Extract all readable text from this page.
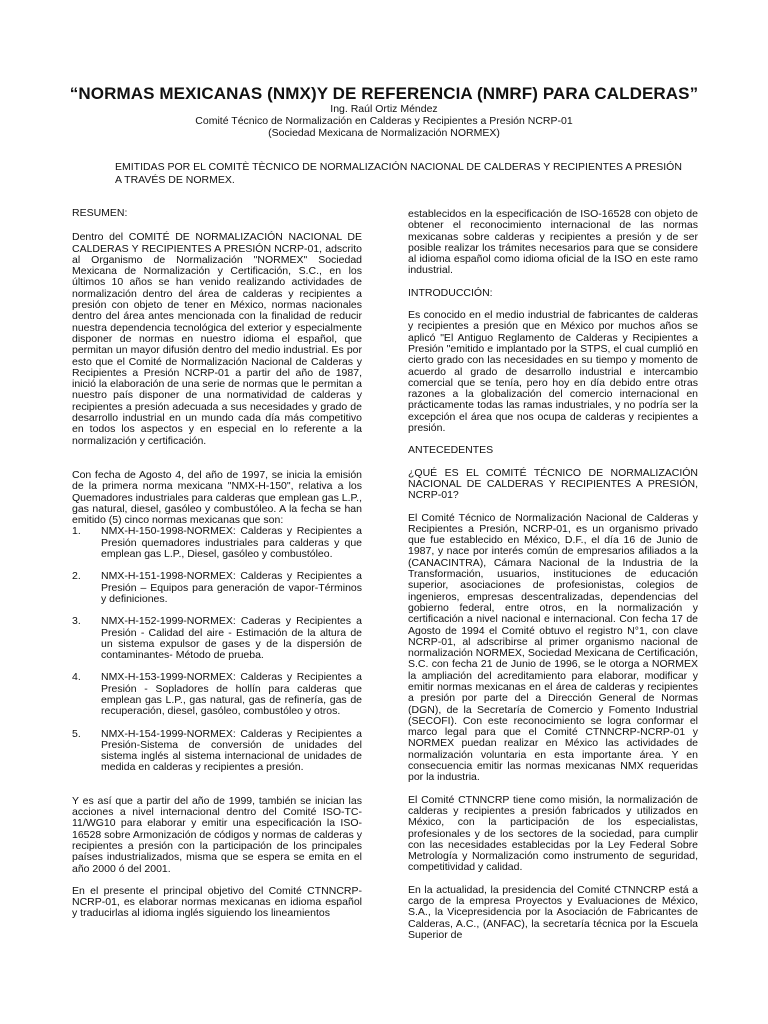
“NORMAS MEXICANAS (NMX)Y DE REFERENCIA (NMRF) PARA CALDERAS”
Ing. Raúl Ortiz Méndez
Comité Técnico de Normalización en Calderas y Recipientes a Presión NCRP-01
(Sociedad Mexicana de Normalización NORMEX)
EMITIDAS POR EL COMITÈ TÈCNICO DE NORMALIZACIÓN NACIONAL DE CALDERAS Y RECIPIENTES A PRESIÓN A TRAVÉS DE NORMEX.

RESUMEN:

Dentro del COMITÉ DE NORMALIZACIÓN NACIONAL DE CALDERAS Y RECIPIENTES A PRESIÓN NCRP-01, adscrito al Organismo de Normalización "NORMEX" Sociedad Mexicana de Normalización y Certificación, S.C., en los últimos 10 años se han venido realizando actividades de normalización dentro del área de calderas y recipientes a presión con objeto de tener en México, normas nacionales dentro del área antes mencionada con la finalidad de reducir nuestra dependencia tecnológica del exterior y especialmente disponer de normas en nuestro idioma el español, que permitan un mayor difusión dentro del medio industrial. Es por esto que el Comité de Normalización Nacional de Calderas y Recipientes a Presión NCRP-01 a partir del año de 1987, inició la elaboración de una serie de normas que le permitan a nuestro país disponer de una normatividad de calderas y recipientes a presión adecuada a sus necesidades y grado de desarrollo industrial en un mundo cada día más competitivo en todos los aspectos y en especial en lo referente a la normalización y certificación.

Con fecha de Agosto 4, del año de 1997, se inicia la emisión de la primera norma mexicana "NMX-H-150", relativa a los Quemadores industriales para calderas que emplean gas L.P., gas natural, diesel, gasóleo y combustóleo. A la fecha se han emitido (5) cinco normas mexicanas que son:

1. NMX-H-150-1998-NORMEX: Calderas y Recipientes a Presión quemadores industriales para calderas y que emplean gas L.P., Diesel, gasóleo y combustóleo.
2. NMX-H-151-1998-NORMEX: Calderas y Recipientes a Presión – Equipos para generación de vapor-Términos y definiciones.
3. NMX-H-152-1999-NORMEX: Caderas y Recipientes a Presión - Calidad del aire - Estimación de la altura de un sistema expulsor de gases y de la dispersión de contaminantes- Método de prueba.
4. NMX-H-153-1999-NORMEX: Calderas y Recipientes a Presión - Sopladores de hollín para calderas que emplean gas L.P., gas natural, gas de refinería, gas de recuperación, diesel, gasóleo, combustóleo y otros.
5. NMX-H-154-1999-NORMEX: Calderas y Recipientes a Presión-Sistema de conversión de unidades del sistema inglés al sistema internacional de unidades de medida en calderas y recipientes a presión.

Y es así que a partir del año de 1999, también se inician las acciones a nivel internacional dentro del Comité ISO-TC-11/WG10 para elaborar y emitir una especificación la ISO-16528 sobre Armonización de códigos y normas de calderas y recipientes a presión con la participación de los principales países industrializados, misma que se espera se emita en el año 2000 ó del 2001.

En el presente el principal objetivo del Comité CTNNCRP-NCRP-01, es elaborar normas mexicanas en idioma español y traducirlas al idioma inglés siguiendo los lineamientos

establecidos en la especificación de ISO-16528 con objeto de obtener el reconocimiento internacional de las normas mexicanas sobre calderas y recipientes a presión y de ser posible realizar los trámites necesarios para que se considere al idioma español como idioma oficial de la ISO en este ramo industrial.

INTRODUCCIÓN:

Es conocido en el medio industrial de fabricantes de calderas y recipientes a presión que en México por muchos años se aplicó "El Antiguo Reglamento de Calderas y Recipientes a Presión "emitido e implantado por la STPS, el cual cumplió en cierto grado con las necesidades en su tiempo y momento de acuerdo al grado de desarrollo industrial e intercambio comercial que se tenía, pero hoy en día debido entre otras razones a la globalización del comercio internacional en prácticamente todas las ramas industriales, y no podría ser la excepción el área que nos ocupa de calderas y recipientes a presión.

ANTECEDENTES

¿QUÉ ES EL COMITÉ TÉCNICO DE NORMALIZACIÓN NACIONAL DE CALDERAS Y RECIPIENTES A PRESIÓN, NCRP-01?

El Comité Técnico de Normalización Nacional de Calderas y Recipientes a Presión, NCRP-01, es un organismo privado que fue establecido en México, D.F., el día 16 de Junio de 1987, y nace por interés común de empresarios afiliados a la (CANACINTRA), Cámara Nacional de la Industria de la Transformación, usuarios, instituciones de educación superior, asociaciones de profesionistas, colegios de ingenieros, empresas descentralizadas, dependencias del gobierno federal, entre otros, en la normalización y certificación a nivel nacional e internacional. Con fecha 17 de Agosto de 1994 el Comité obtuvo el registro N°1, con clave NCRP-01, al adscribirse al primer organismo nacional de normalización NORMEX, Sociedad Mexicana de Certificación, S.C. con fecha 21 de Junio de 1996, se le otorga a NORMEX la ampliación del acreditamiento para elaborar, modificar y emitir normas mexicanas en el área de calderas y recipientes a presión por parte del a Dirección General de Normas (DGN), de la Secretaría de Comercio y Fomento Industrial (SECOFI). Con este reconocimiento se logra conformar el marco legal para que el Comité CTNNCRP-NCRP-01 y NORMEX puedan realizar en México las actividades de normalización voluntaria en esta importante área. Y en consecuencia emitir las normas mexicanas NMX requeridas por la industria.

El Comité CTNNCRP tiene como misión, la normalización de calderas y recipientes a presión fabricados y utilizados en México, con la participación de los especialistas, profesionales y de los sectores de la sociedad, para cumplir con las necesidades establecidas por la Ley Federal Sobre Metrología y Normalización como instrumento de seguridad, competitividad y calidad.

En la actualidad, la presidencia del Comité CTNNCRP está a cargo de la empresa Proyectos y Evaluaciones de México, S.A., la Vicepresidencia por la Asociación de Fabricantes de Calderas, A.C., (ANFAC), la secretaría técnica por la Escuela Superior de
